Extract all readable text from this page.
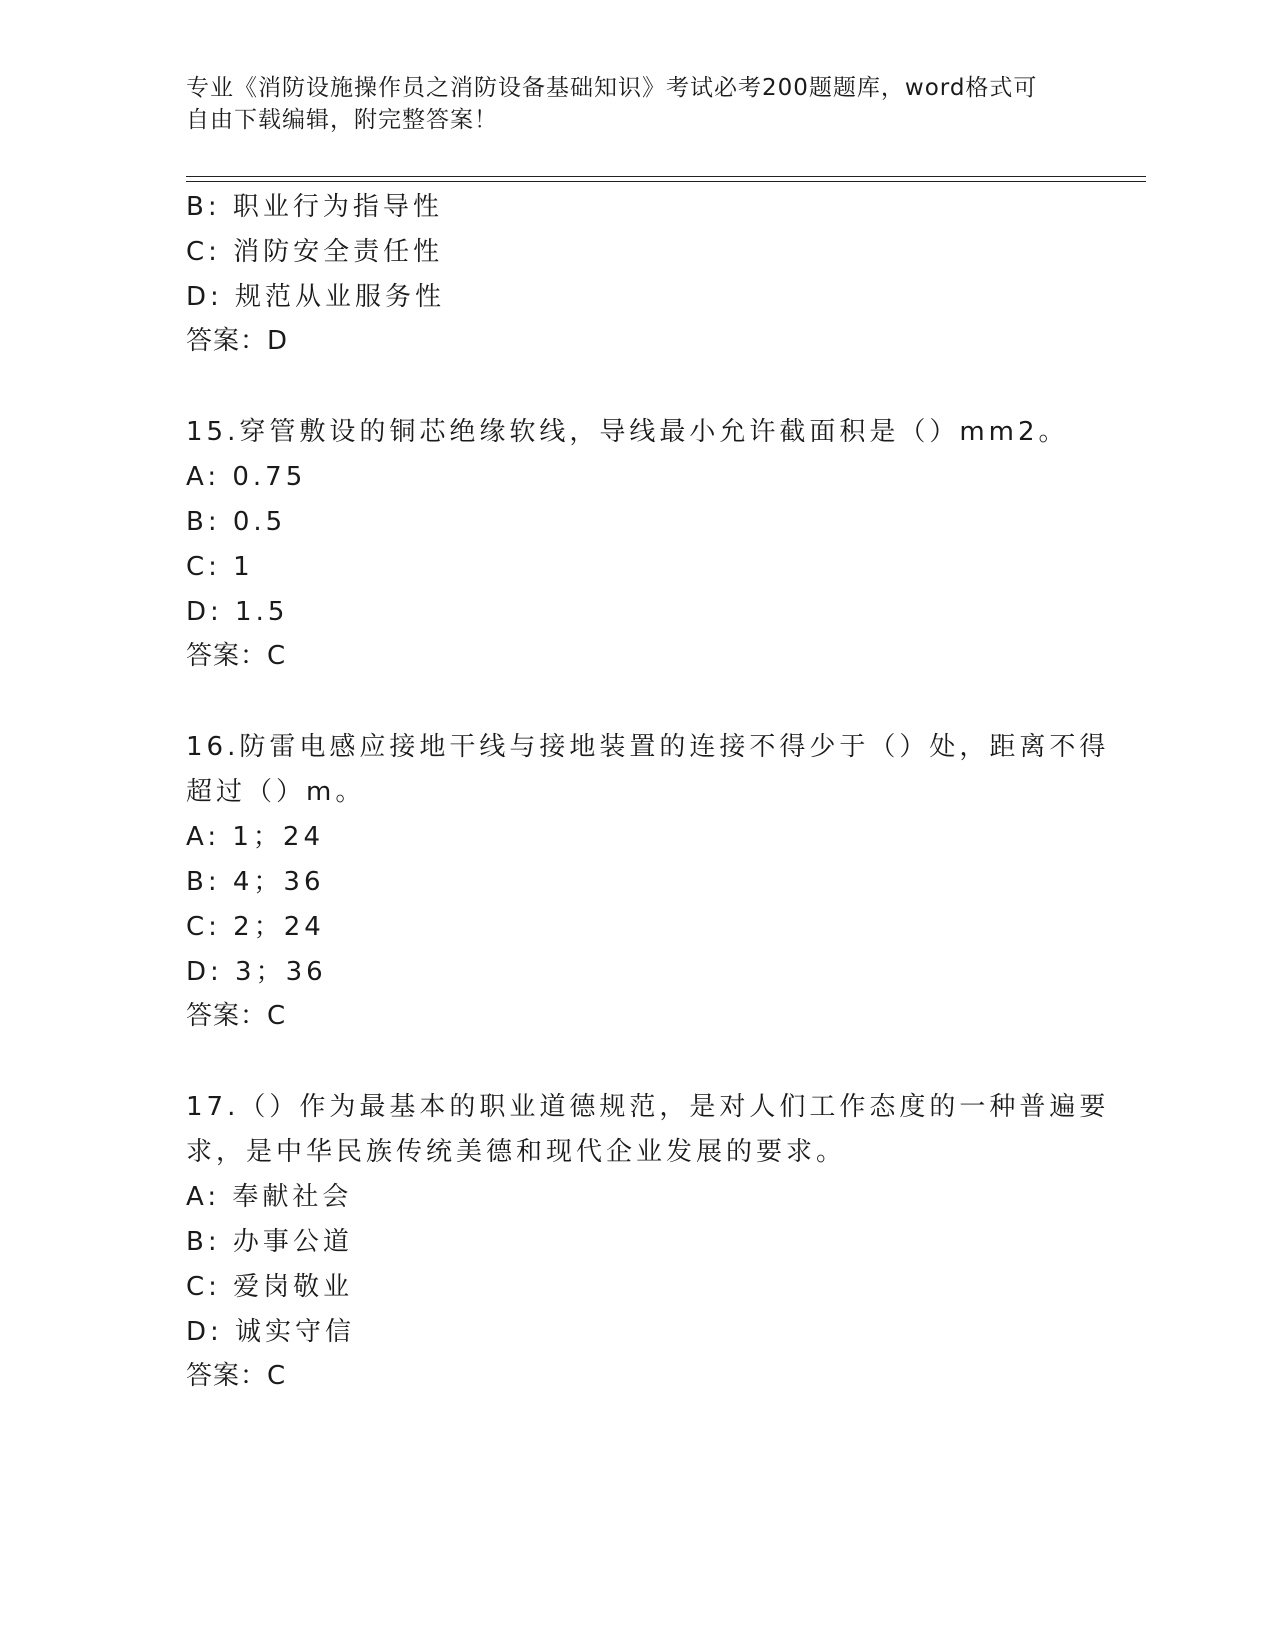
专业《消防设施操作员之消防设备基础知识》考试必考200题题库，word格式可
自由下载编辑，附完整答案！
B: 职业行为指导性
C: 消防安全责任性
D: 规范从业服务性
答案：D
15.穿管敷设的铜芯绝缘软线，导线最小允许截面积是（）mm2。
A: 0.75
B: 0.5
C: 1
D: 1.5
答案：C
16.防雷电感应接地干线与接地装置的连接不得少于（）处，距离不得
超过（）m。
A: 1；24
B: 4；36
C: 2；24
D: 3；36
答案：C
17.（）作为最基本的职业道德规范，是对人们工作态度的一种普遍要
求，是中华民族传统美德和现代企业发展的要求。
A: 奉献社会
B: 办事公道
C: 爱岗敬业
D: 诚实守信
答案：C
